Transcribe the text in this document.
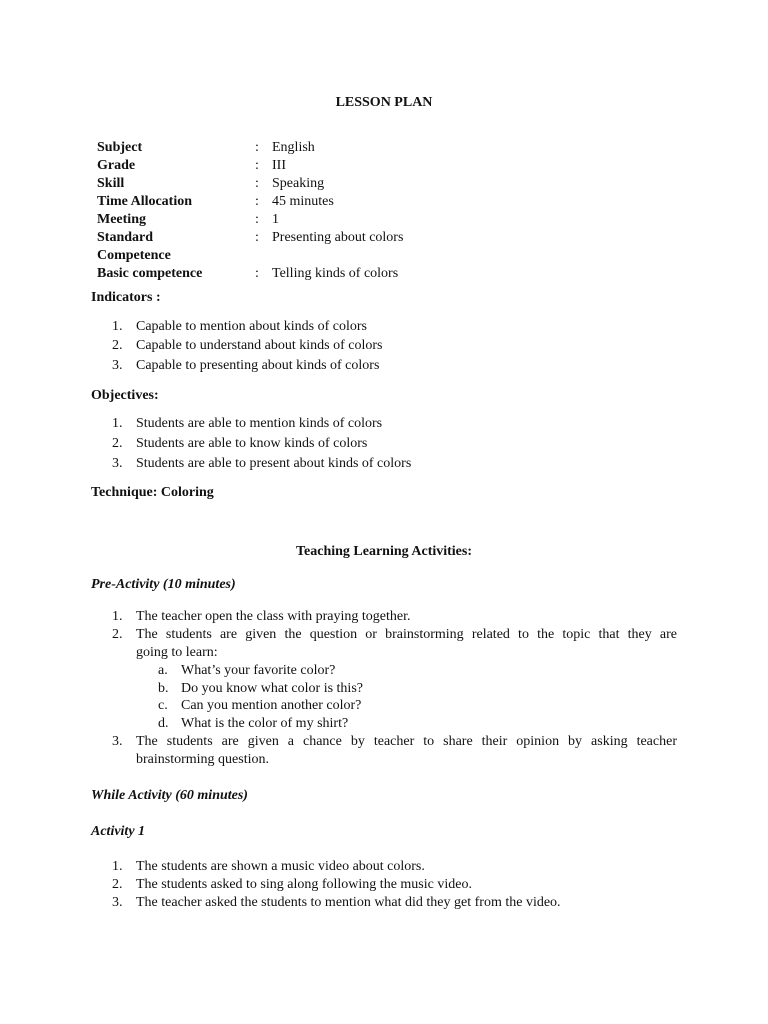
LESSON PLAN
Subject	: English
Grade	: III
Skill	: Speaking
Time Allocation	: 45 minutes
Meeting	: 1
Standard	: Presenting about colors
Competence
Basic competence	: Telling kinds of colors
Indicators :
1. Capable to mention about kinds of colors
2. Capable to understand about kinds of colors
3. Capable to presenting about kinds of colors
Objectives:
1. Students are able to mention kinds of colors
2. Students are able to know kinds of colors
3. Students are able to present about kinds of colors
Technique: Coloring
Teaching Learning Activities:
Pre-Activity (10 minutes)
1. The teacher open the class with praying together.
2. The students are given the question or brainstorming related to the topic that they are
going to learn:
a. What’s your favorite color?
b. Do you know what color is this?
c. Can you mention another color?
d. What is the color of my shirt?
3. The students are given a chance by teacher to share their opinion by asking teacher
brainstorming question.
While Activity (60 minutes)
Activity 1
1. The students are shown a music video about colors.
2. The students asked to sing along following the music video.
3. The teacher asked the students to mention what did they get from the video.
